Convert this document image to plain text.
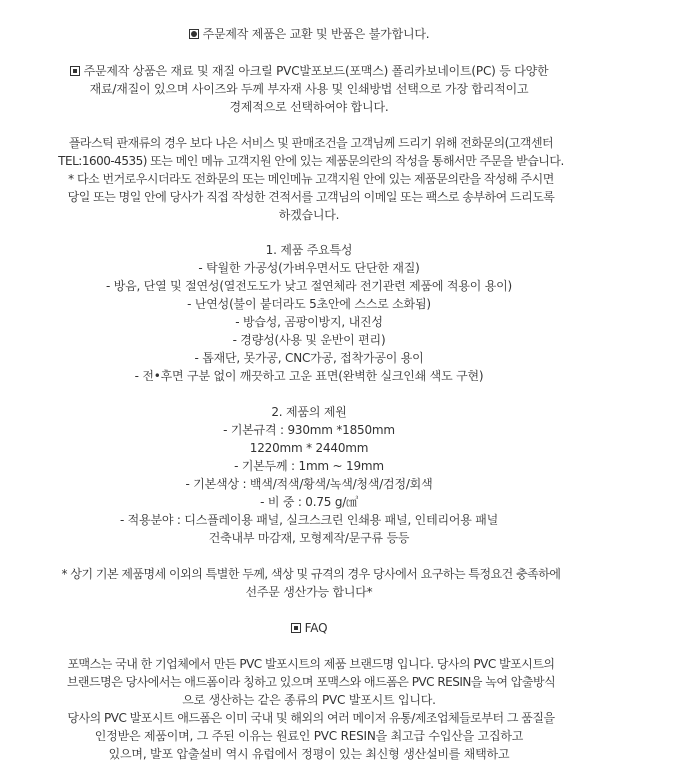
주문제작 제품은 교환 및 반품은 불가합니다.
주문제작 상품은 재료 및 재질 아크릴 PVC발포보드(포맥스) 폴리카보네이트(PC) 등 다양한
재료/재질이 있으며 사이즈와 두께 부자재 사용 및 인쇄방법 선택으로 가장 합리적이고
경제적으로 선택하여야 합니다.
플라스틱 판재류의 경우 보다 나은 서비스 및 판매조건을 고객님께 드리기 위해 전화문의(고객센터
TEL:1600-4535) 또는 메인 메뉴 고객지원 안에 있는 제품문의란의 작성을 통해서만 주문을 받습니다.
* 다소 번거로우시더라도 전화문의 또는 메인메뉴 고객지원 안에 있는 제품문의란을 작성해 주시면
당일 또는 명일 안에 당사가 직접 작성한 견적서를 고객님의 이메일 또는 팩스로 송부하여 드리도록
하겠습니다.
1. 제품 주요특성
- 탁월한 가공성(가벼우면서도 단단한 재질)
- 방음, 단열 및 절연성(열전도도가 낮고 절연체라 전기관련 제품에 적용이 용이)
- 난연성(불이 붙더라도 5초안에 스스로 소화됨)
- 방습성, 곰팡이방지, 내진성
- 경량성(사용 및 운반이 편리)
- 톱재단, 못가공, CNC가공, 접착가공이 용이
- 전•후면 구분 없이 깨끗하고 고운 표면(완벽한 실크인쇄 색도 구현)
2. 제품의 제원
- 기본규격 : 930mm *1850mm
1220mm * 2440mm
- 기본두께 : 1mm ~ 19mm
- 기본색상 : 백색/적색/황색/녹색/청색/검정/회색
- 비 중 : 0.75 g/㎤
- 적용분야 : 디스플레이용 패널, 실크스크린 인쇄용 패널, 인테리어용 패널
건축내부 마감재, 모형제작/문구류 등등
* 상기 기본 제품명세 이외의 특별한 두께, 색상 및 규격의 경우 당사에서 요구하는 특정요건 충족하에
선주문 생산가능 합니다*
FAQ
포맥스는 국내 한 기업체에서 만든 PVC 발포시트의 제품 브랜드명 입니다. 당사의 PVC 발포시트의
브랜드명은 당사에서는 애드폼이라 칭하고 있으며 포맥스와 애드폼은 PVC RESIN을 녹여 압출방식
으로 생산하는 같은 종류의 PVC 발포시트 입니다.
당사의 PVC 발포시트 애드폼은 이미 국내 및 해외의 여러 메이저 유통/제조업체들로부터 그 품질을
인정받은 제품이며, 그 주된 이유는 원료인 PVC RESIN을 최고급 수입산을 고집하고
있으며, 발포 압출설비 역시 유럽에서 정평이 있는 최신형 생산설비를 채택하고
